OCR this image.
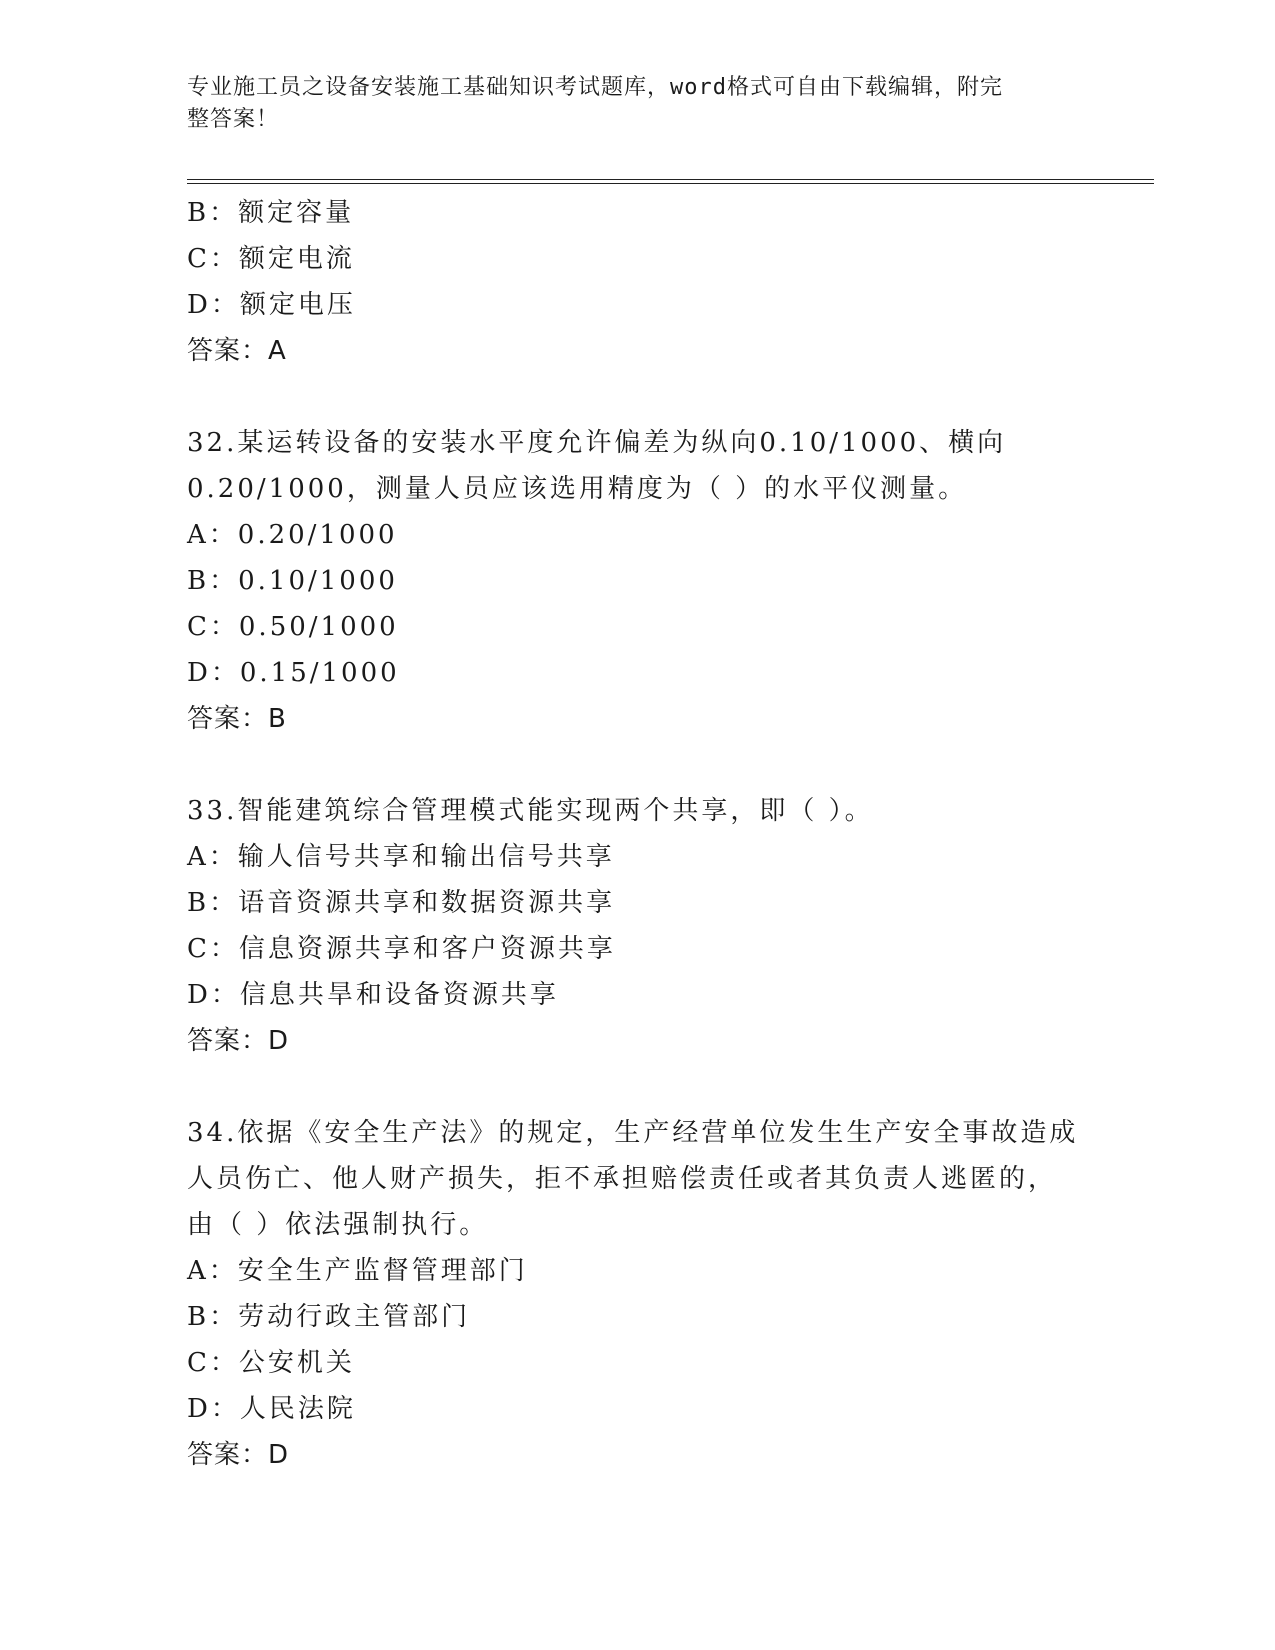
专业施工员之设备安装施工基础知识考试题库，word格式可自由下载编辑，附完
整答案！
B：额定容量
C：额定电流
D：额定电压
答案：A
32.某运转设备的安装水平度允许偏差为纵向0.10/1000、横向
0.20/1000，测量人员应该选用精度为（ ）的水平仪测量。
A：0.20/1000
B：0.10/1000
C：0.50/1000
D：0.15/1000
答案：B
33.智能建筑综合管理模式能实现两个共享，即（ ）。
A：输人信号共享和输出信号共享
B：语音资源共享和数据资源共享
C：信息资源共享和客户资源共享
D：信息共旱和设备资源共享
答案：D
34.依据《安全生产法》的规定，生产经营单位发生生产安全事故造成
人员伤亡、他人财产损失，拒不承担赔偿责任或者其负责人逃匿的，
由（ ）依法强制执行。
A：安全生产监督管理部门
B：劳动行政主管部门
C：公安机关
D：人民法院
答案：D
